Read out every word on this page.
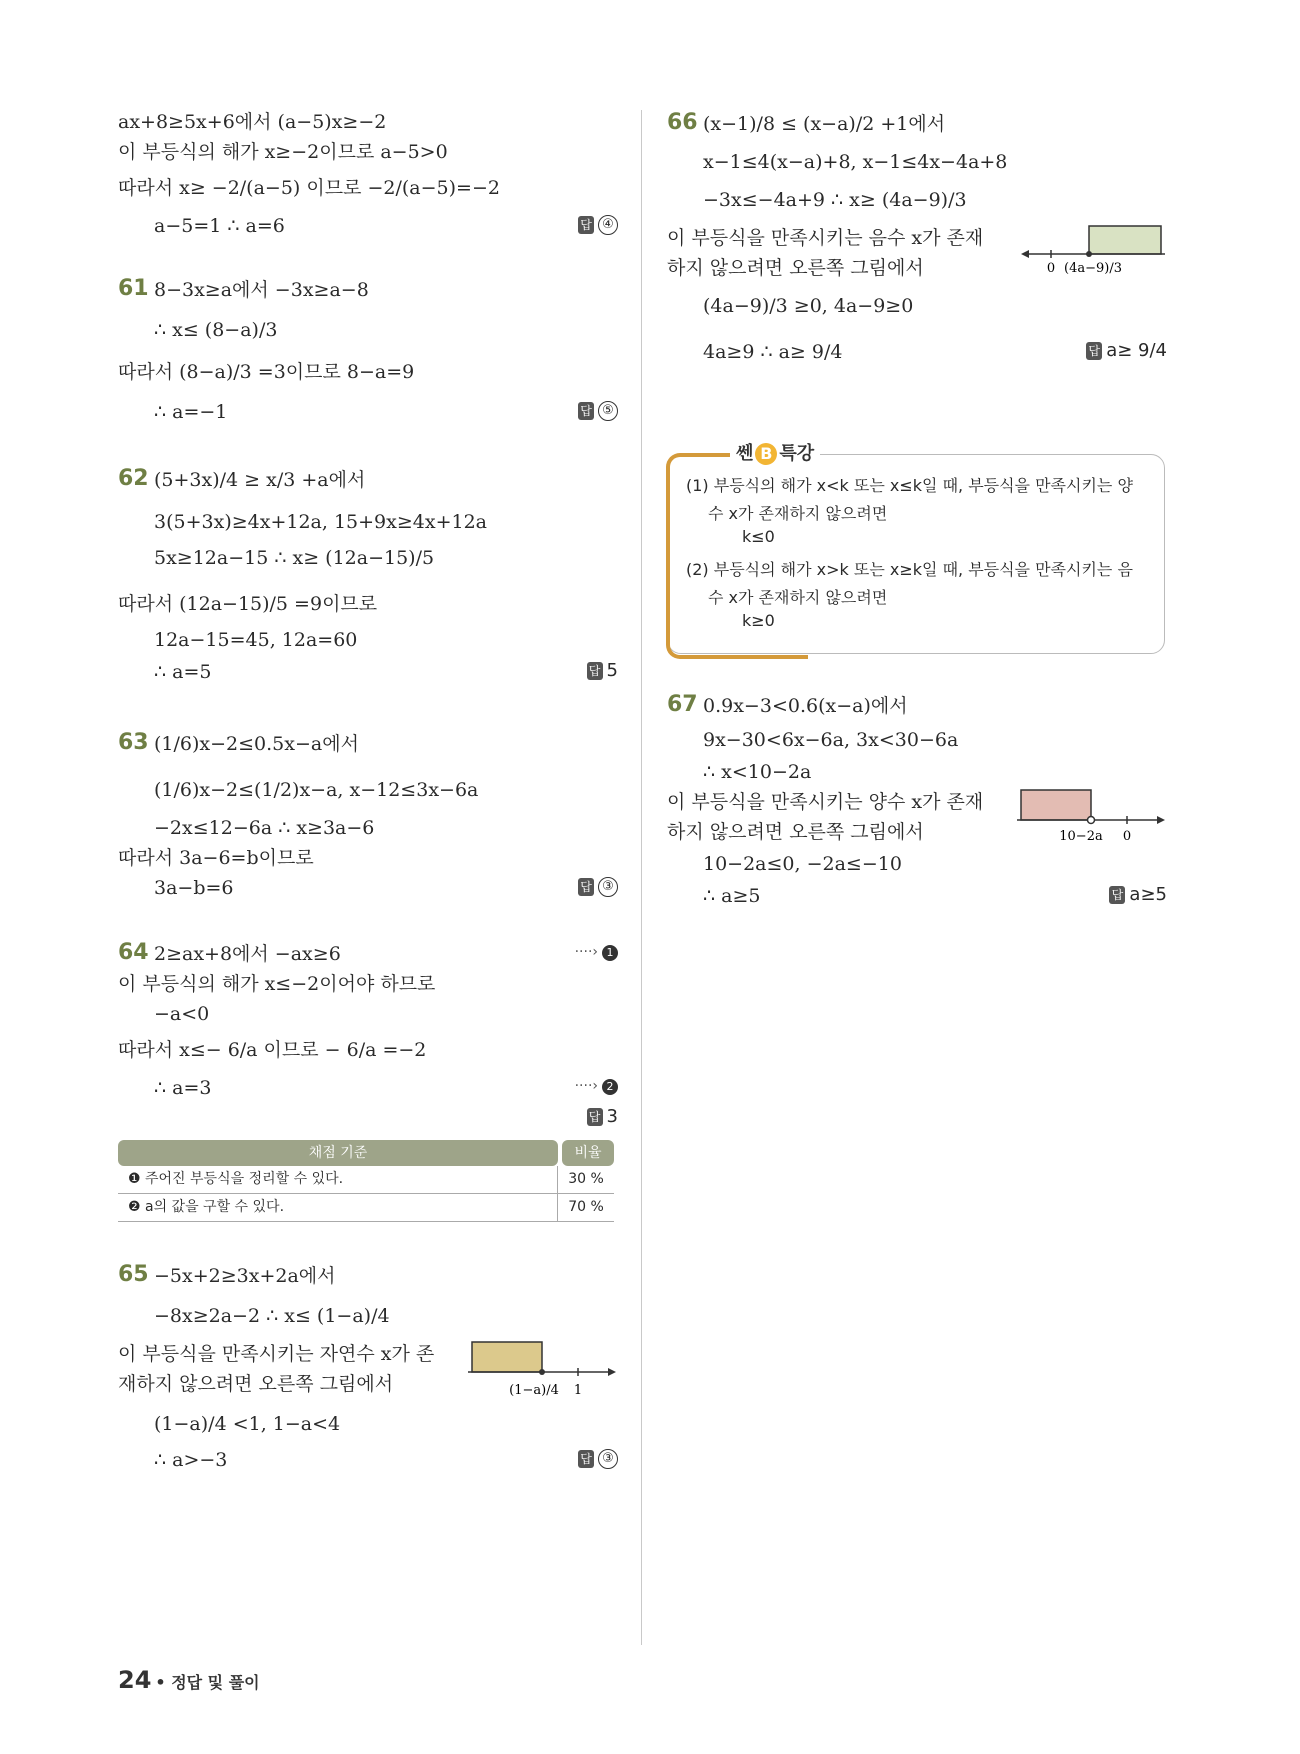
ax+8≥5x+6에서 (a−5)x≥−2
이 부등식의 해가 x≥−2이므로 a−5>0
따라서 x≥ −2/(a−5) 이므로 −2/(a−5)=−2
a−5=1 ∴ a=6	답 ④
61 8−3x≥a에서 −3x≥a−8
∴ x≤ (8−a)/3
따라서 (8−a)/3 =3이므로 8−a=9
∴ a=−1	답 ⑤
62 (5+3x)/4 ≥ x/3 +a에서
3(5+3x)≥4x+12a, 15+9x≥4x+12a
5x≥12a−15 ∴ x≥ (12a−15)/5
따라서 (12a−15)/5 =9이므로
12a−15=45, 12a=60
∴ a=5	답 5
63 (1/6)x−2≤0.5x−a에서
(1/6)x−2≤(1/2)x−a, x−12≤3x−6a
−2x≤12−6a ∴ x≥3a−6
따라서 3a−6=b이므로
3a−b=6	답 ③
64 2≥ax+8에서 −ax≥6	····› 1
이 부등식의 해가 x≤−2이어야 하므로
−a<0
따라서 x≤− 6/a 이므로 − 6/a =−2
∴ a=3	····› 2
답 3
채점 기준	비율
❶ 주어진 부등식을 정리할 수 있다.	30 %
❷ a의 값을 구할 수 있다.	70 %
65 −5x+2≥3x+2a에서
−8x≥2a−2 ∴ x≤ (1−a)/4
이 부등식을 만족시키는 자연수 x가 존
재하지 않으려면 오른쪽 그림에서
(1−a)/4 <1, 1−a<4
∴ a>−3	답 ③
(1−a)/4 1
66 (x−1)/8 ≤ (x−a)/2 +1에서
x−1≤4(x−a)+8, x−1≤4x−4a+8
−3x≤−4a+9 ∴ x≥ (4a−9)/3
이 부등식을 만족시키는 음수 x가 존재
하지 않으려면 오른쪽 그림에서
(4a−9)/3 ≥0, 4a−9≥0
4a≥9 ∴ a≥ 9/4	답 a≥ 9/4
0 (4a−9)/3
쎈 B 특강
(1) 부등식의 해가 x<k 또는 x≤k일 때, 부등식을 만족시키는 양
수 x가 존재하지 않으려면
k≤0
(2) 부등식의 해가 x>k 또는 x≥k일 때, 부등식을 만족시키는 음
수 x가 존재하지 않으려면
k≥0
67 0.9x−3<0.6(x−a)에서
9x−30<6x−6a, 3x<30−6a
∴ x<10−2a
이 부등식을 만족시키는 양수 x가 존재
하지 않으려면 오른쪽 그림에서
10−2a≤0, −2a≤−10
∴ a≥5	답 a≥5
10−2a 0
24 • 정답 및 풀이
